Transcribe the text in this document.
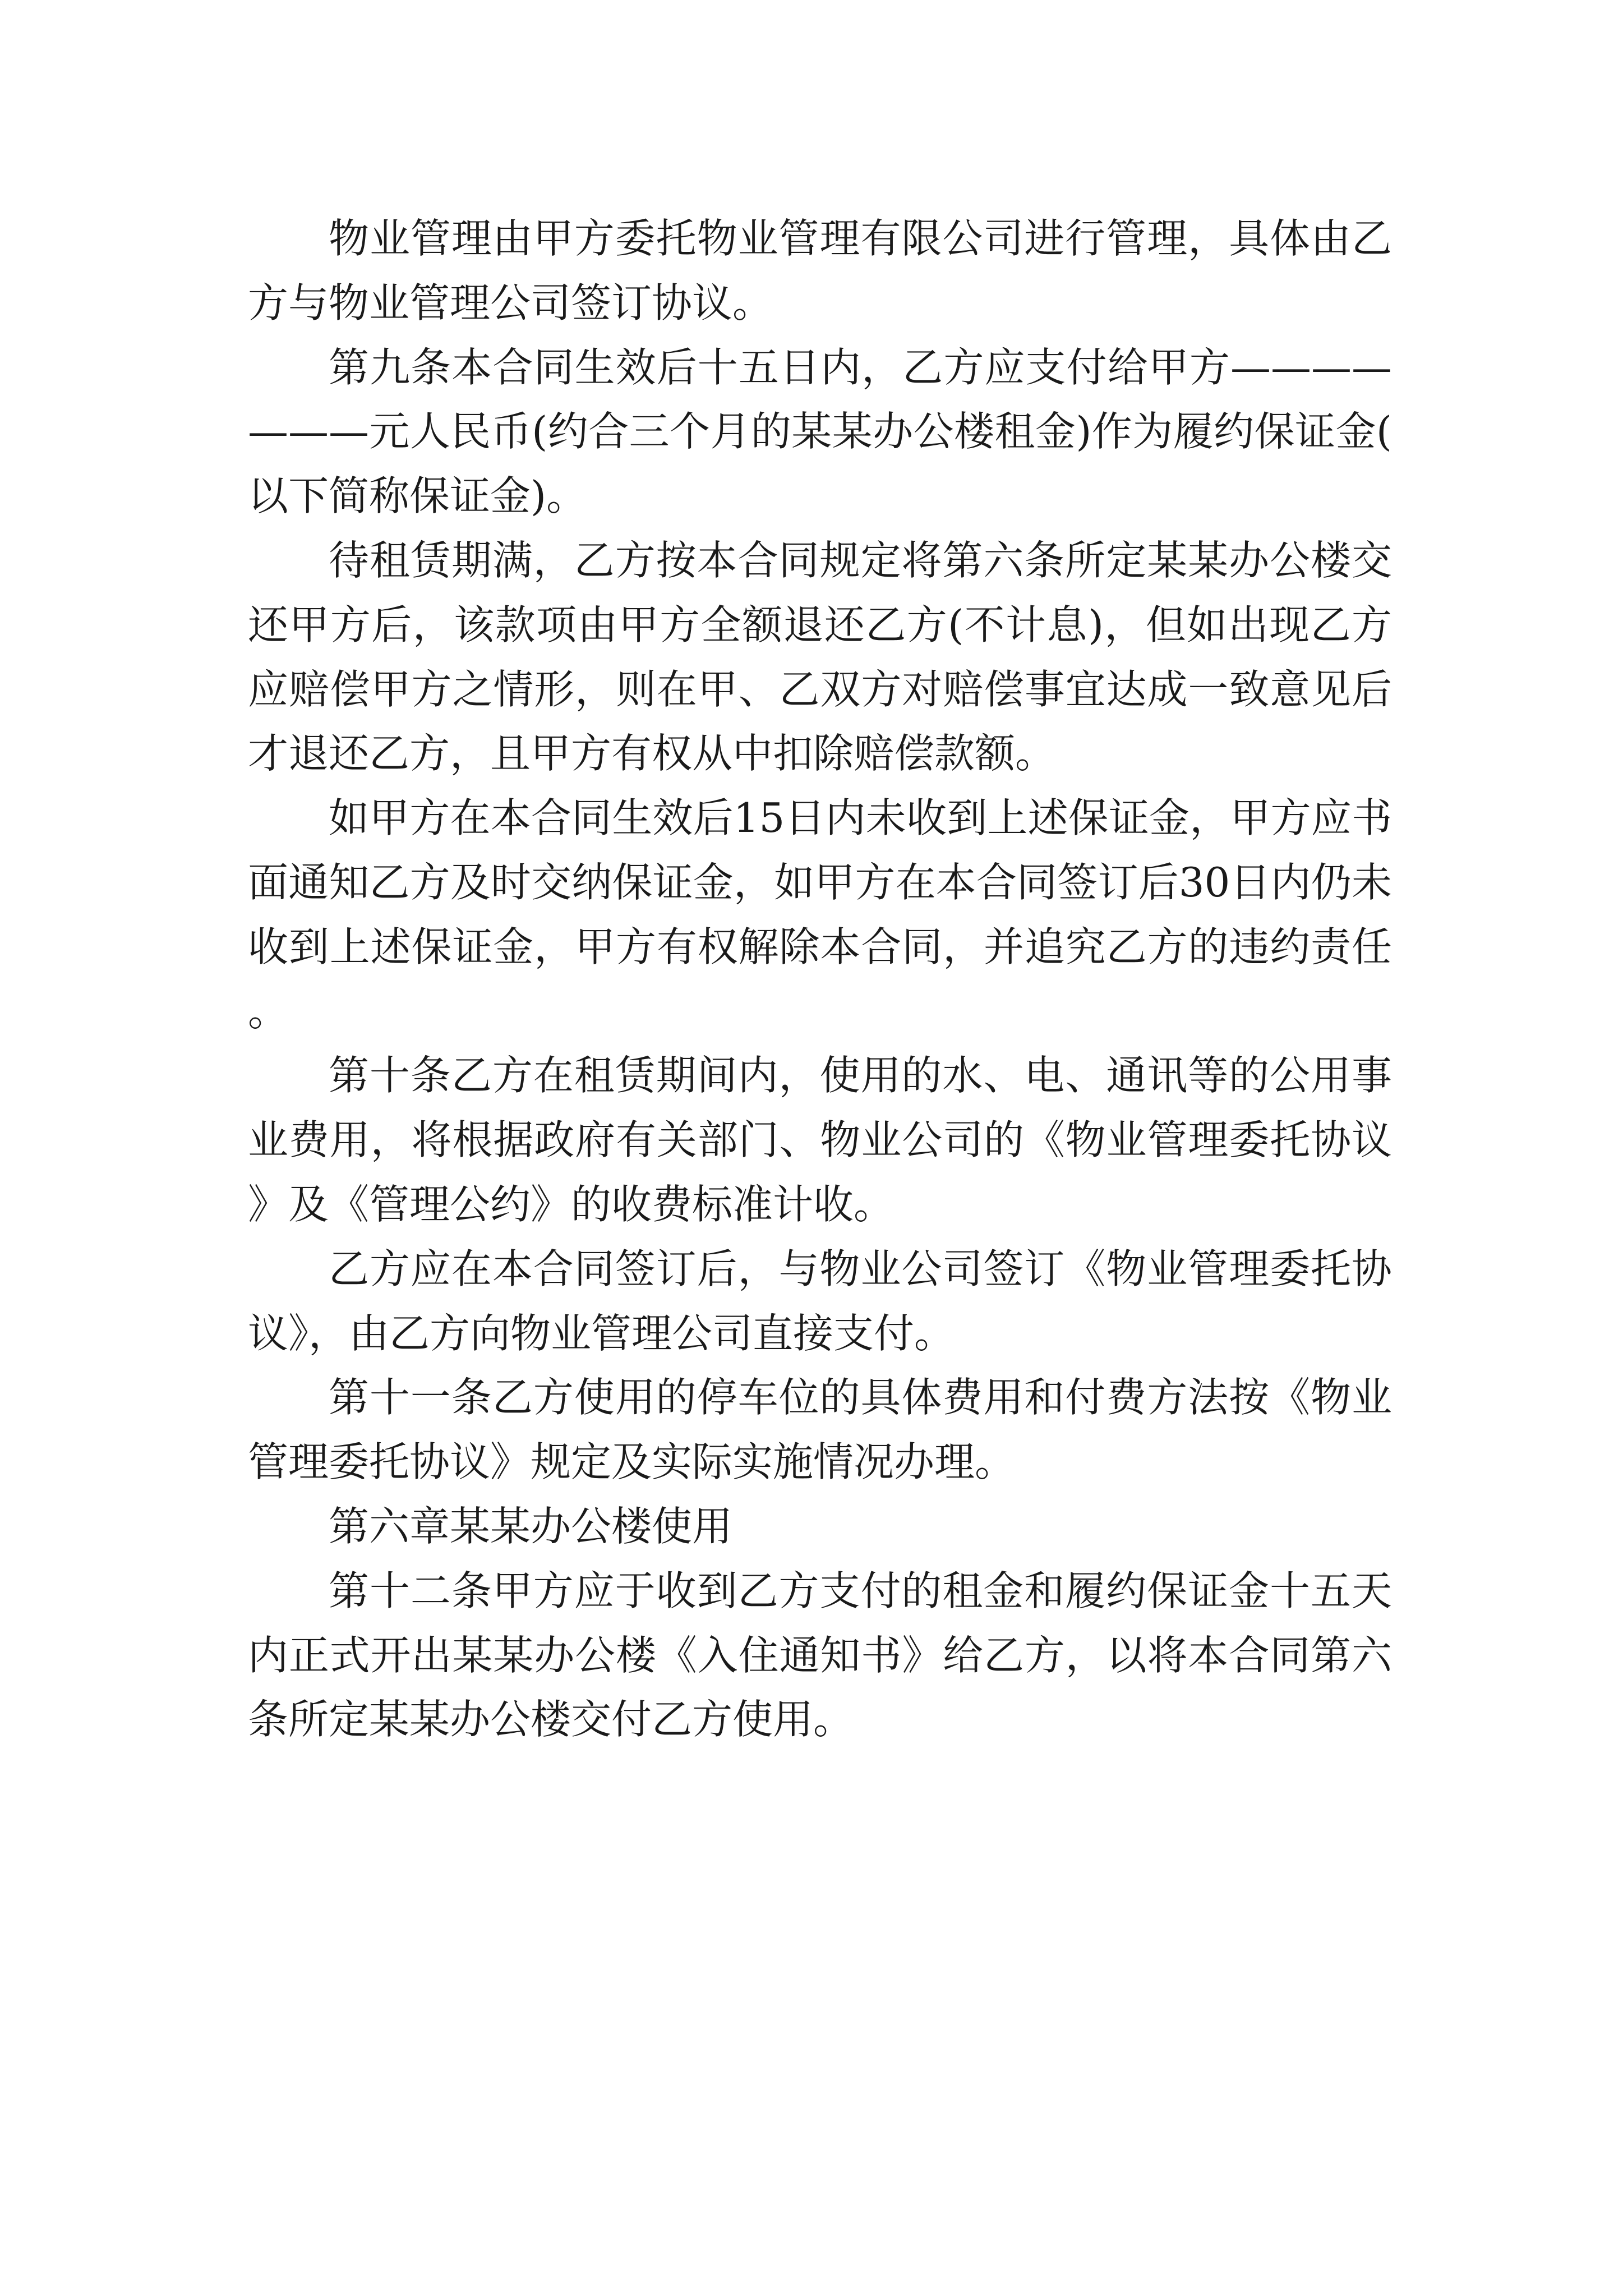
物业管理由甲方委托物业管理有限公司进行管理，具体由乙方与物业管理公司签订协议。

第九条本合同生效后十五日内，乙方应支付给甲方———————元人民币(约合三个月的某某办公楼租金)作为履约保证金(以下简称保证金)。

待租赁期满，乙方按本合同规定将第六条所定某某办公楼交还甲方后，该款项由甲方全额退还乙方(不计息)，但如出现乙方应赔偿甲方之情形，则在甲、乙双方对赔偿事宜达成一致意见后才退还乙方，且甲方有权从中扣除赔偿款额。

如甲方在本合同生效后15日内未收到上述保证金，甲方应书面通知乙方及时交纳保证金，如甲方在本合同签订后30日内仍未收到上述保证金，甲方有权解除本合同，并追究乙方的违约责任。

第十条乙方在租赁期间内，使用的水、电、通讯等的公用事业费用，将根据政府有关部门、物业公司的《物业管理委托协议》及《管理公约》的收费标准计收。

乙方应在本合同签订后，与物业公司签订《物业管理委托协议》，由乙方向物业管理公司直接支付。

第十一条乙方使用的停车位的具体费用和付费方法按《物业管理委托协议》规定及实际实施情况办理。

第六章某某办公楼使用

第十二条甲方应于收到乙方支付的租金和履约保证金十五天内正式开出某某办公楼《入住通知书》给乙方，以将本合同第六条所定某某办公楼交付乙方使用。
